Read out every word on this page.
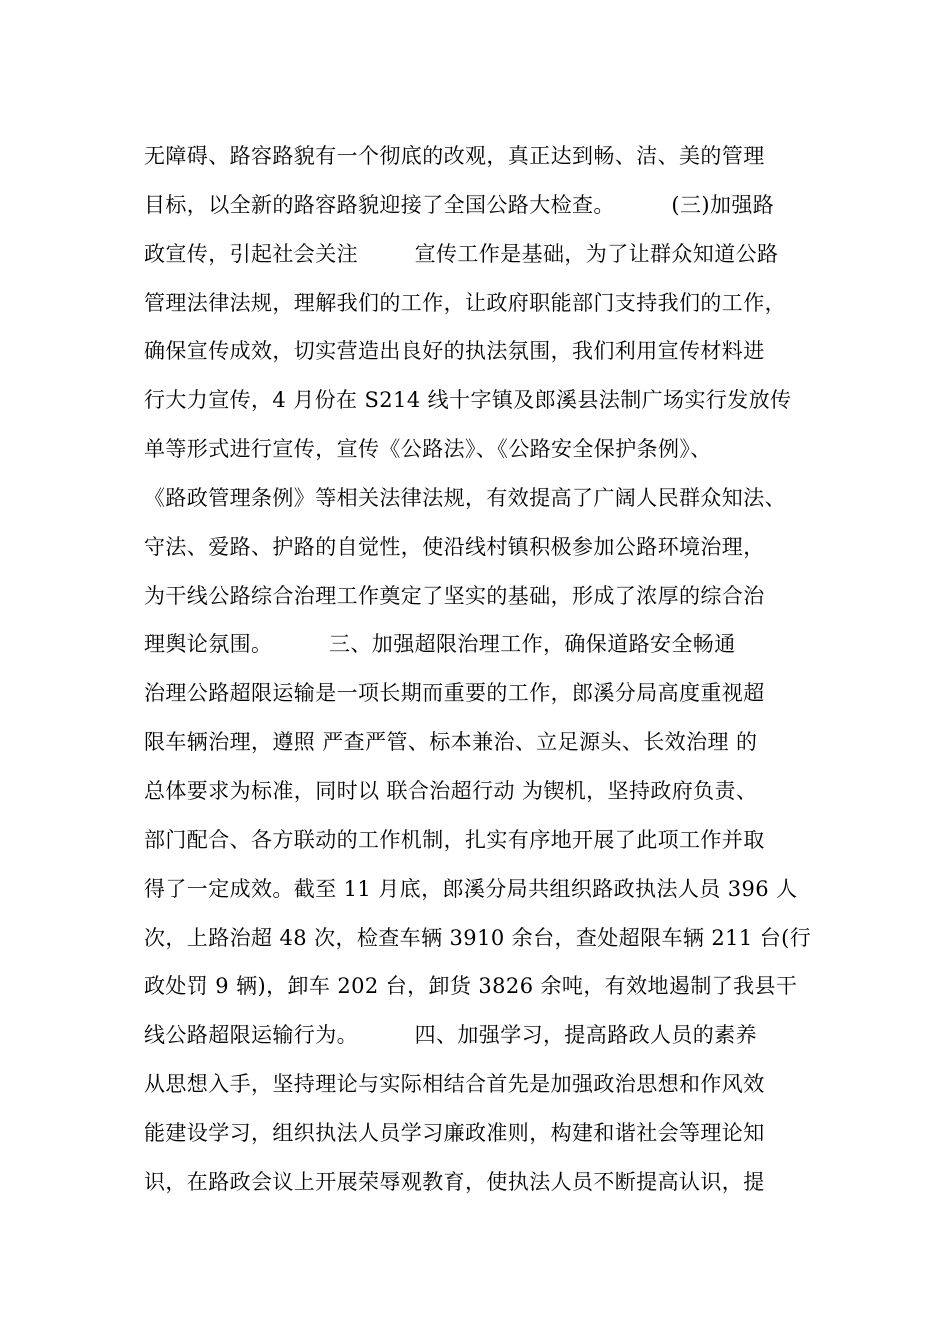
无障碍、路容路貌有一个彻底的改观，真正达到畅、洁、美的管理
目标，以全新的路容路貌迎接了全国公路大检查。        (三)加强路
政宣传，引起社会关注        宣传工作是基础，为了让群众知道公路
管理法律法规，理解我们的工作，让政府职能部门支持我们的工作，
确保宣传成效，切实营造出良好的执法氛围，我们利用宣传材料进
行大力宣传，4 月份在 S214 线十字镇及郎溪县法制广场实行发放传
单等形式进行宣传，宣传《公路法》、《公路安全保护条例》、
《路政管理条例》等相关法律法规，有效提高了广阔人民群众知法、
守法、爱路、护路的自觉性，使沿线村镇积极参加公路环境治理，
为干线公路综合治理工作奠定了坚实的基础，形成了浓厚的综合治
理舆论氛围。        三、加强超限治理工作，确保道路安全畅通
治理公路超限运输是一项长期而重要的工作，郎溪分局高度重视超
限车辆治理，遵照 严查严管、标本兼治、立足源头、长效治理 的
总体要求为标准，同时以 联合治超行动 为锲机，坚持政府负责、
部门配合、各方联动的工作机制，扎实有序地开展了此项工作并取
得了一定成效。截至 11 月底，郎溪分局共组织路政执法人员 396 人
次，上路治超 48 次，检查车辆 3910 余台，查处超限车辆 211 台(行
政处罚 9 辆)，卸车 202 台，卸货 3826 余吨，有效地遏制了我县干
线公路超限运输行为。        四、加强学习，提高路政人员的素养
从思想入手，坚持理论与实际相结合首先是加强政治思想和作风效
能建设学习，组织执法人员学习廉政准则，构建和谐社会等理论知
识，在路政会议上开展荣辱观教育，使执法人员不断提高认识，提
